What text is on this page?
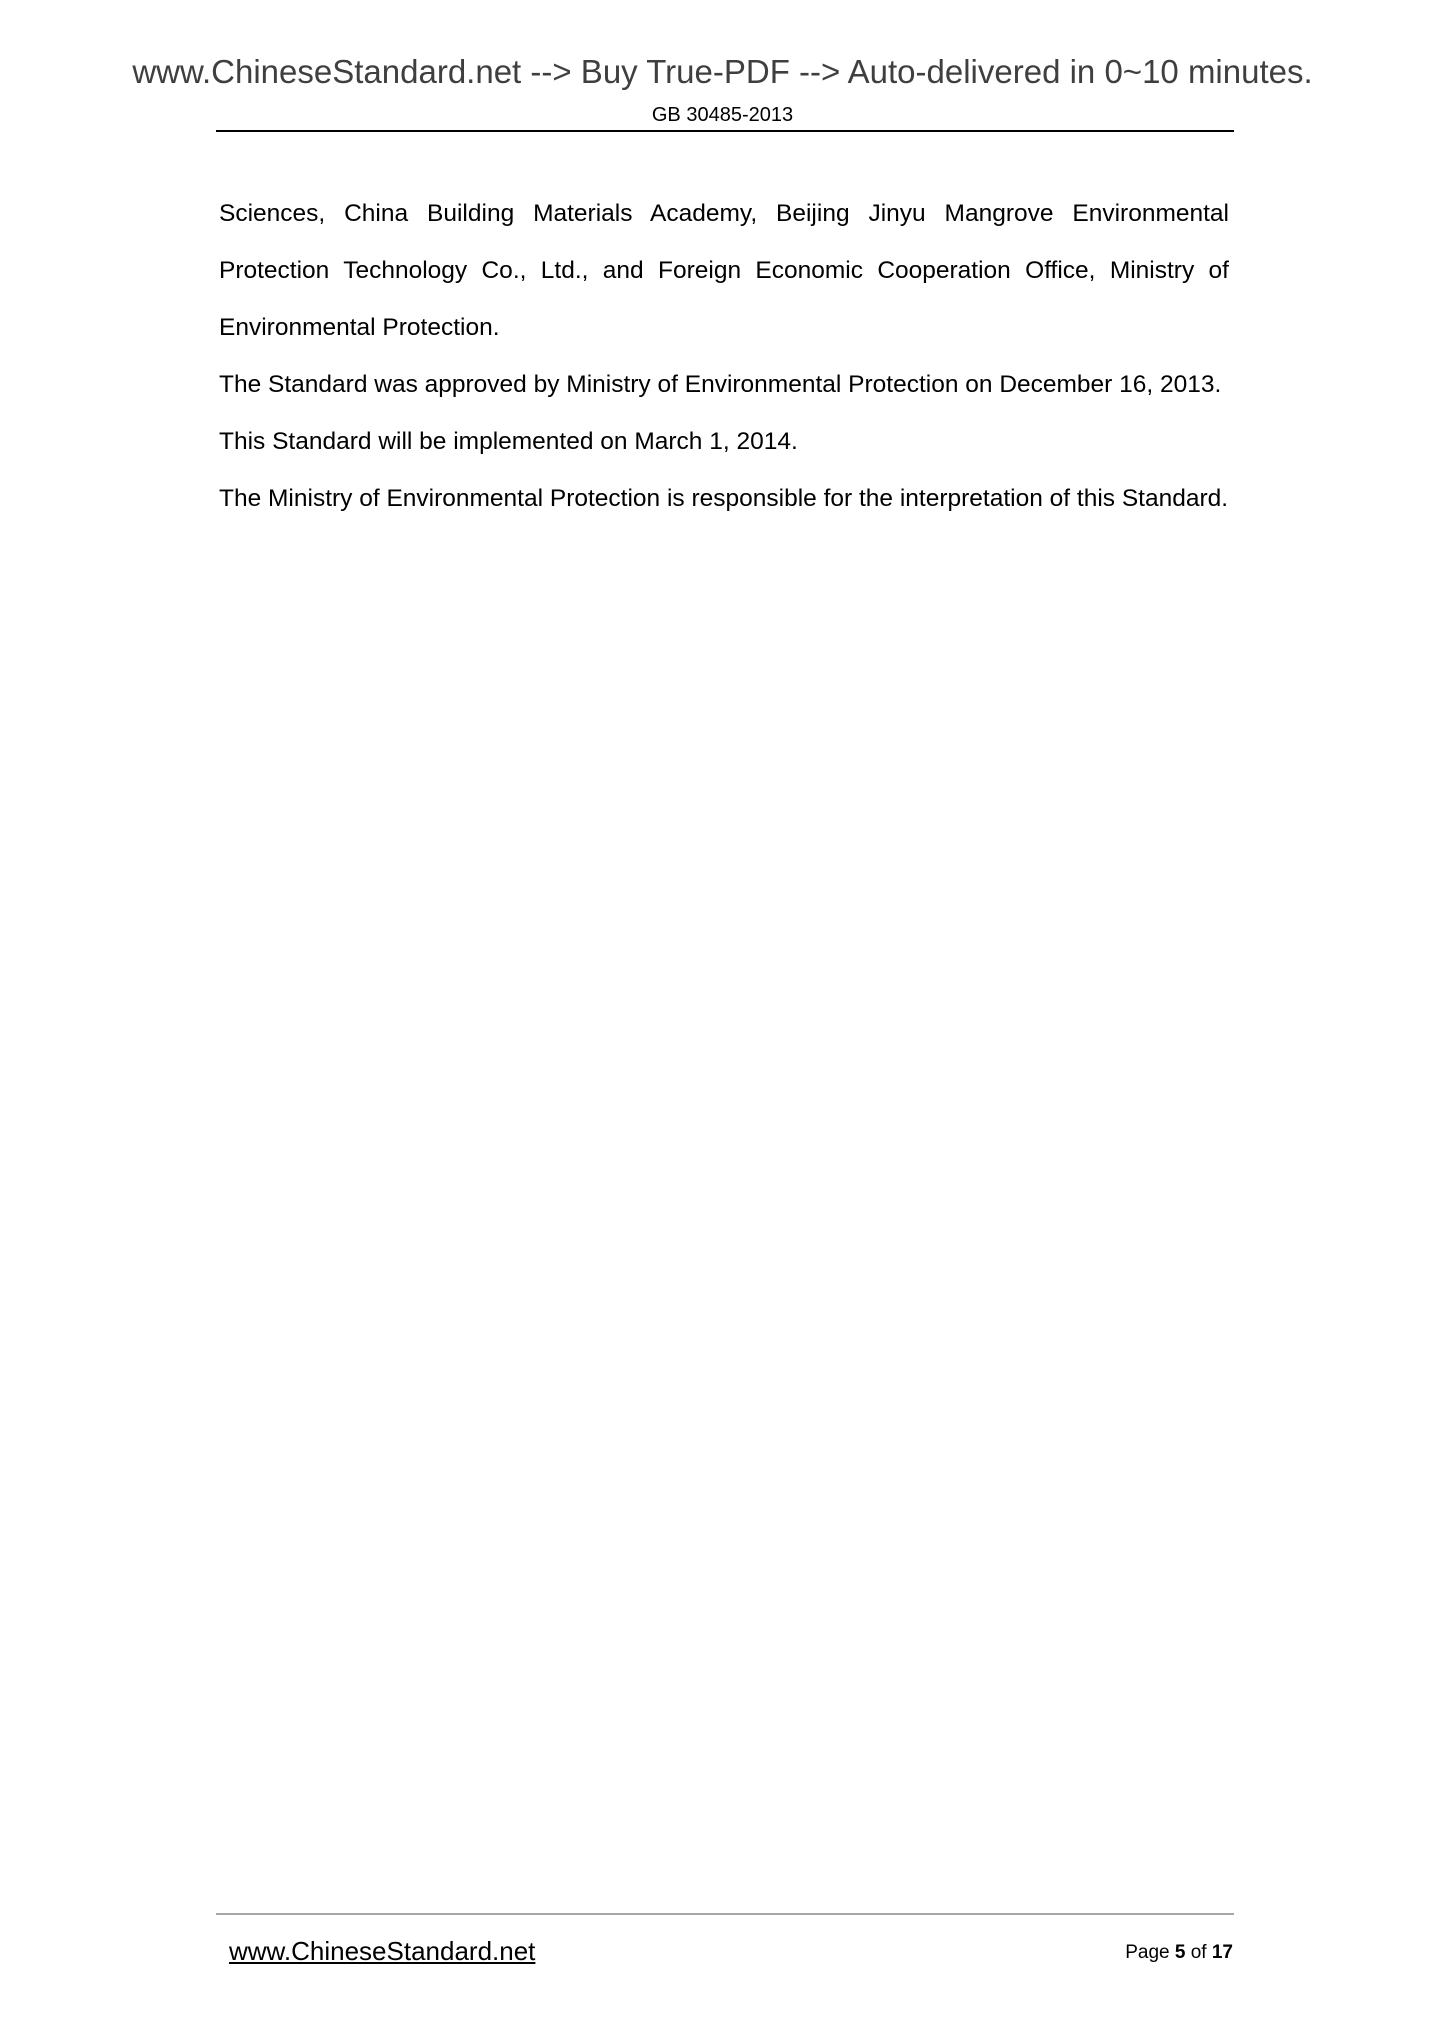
www.ChineseStandard.net --> Buy True-PDF --> Auto-delivered in 0~10 minutes.
GB 30485-2013

Sciences, China Building Materials Academy, Beijing Jinyu Mangrove Environmental Protection Technology Co., Ltd., and Foreign Economic Cooperation Office, Ministry of Environmental Protection.

The Standard was approved by Ministry of Environmental Protection on December 16, 2013.

This Standard will be implemented on March 1, 2014.

The Ministry of Environmental Protection is responsible for the interpretation of this Standard.

www.ChineseStandard.net	Page 5 of 17
